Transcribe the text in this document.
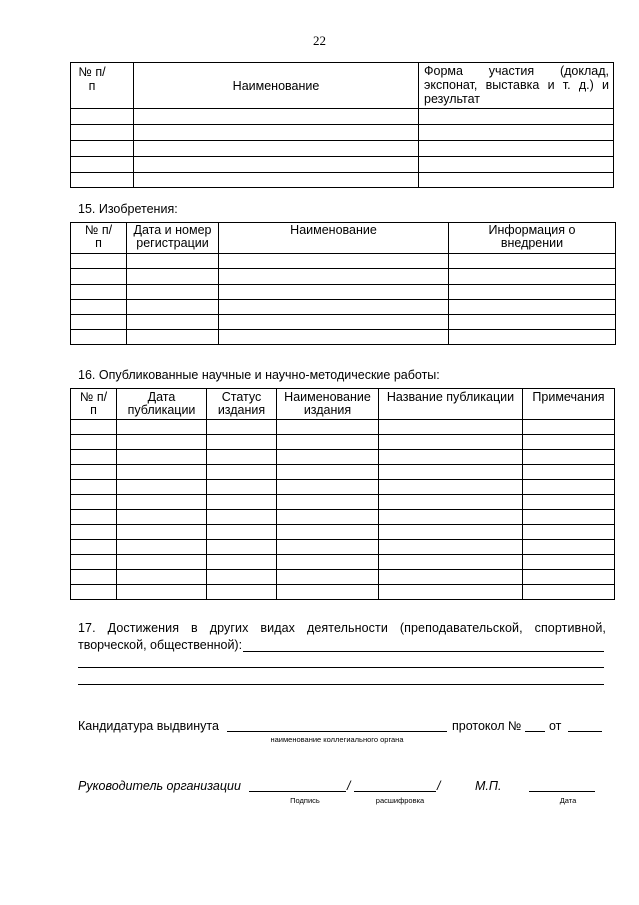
22
№ п/п	Наименование	Форма участия (доклад,
экспонат, выставка и т. д.) и
результат

15. Изобретения:
№ п/п	Дата и номер регистрации	Наименование	Информация о внедрении

16. Опубликованные научные и научно-методические работы:
№ п/п	Дата публикации	Статус издания	Наименование издания	Название публикации	Примечания

17. Достижения в других видах деятельности (преподавательской, спортивной,
творческой, общественной):
Кандидатура выдвинута	протокол № от
наименование коллегиального органа
Руководитель организации	/	/	М.П.
Подпись	расшифровка	Дата
